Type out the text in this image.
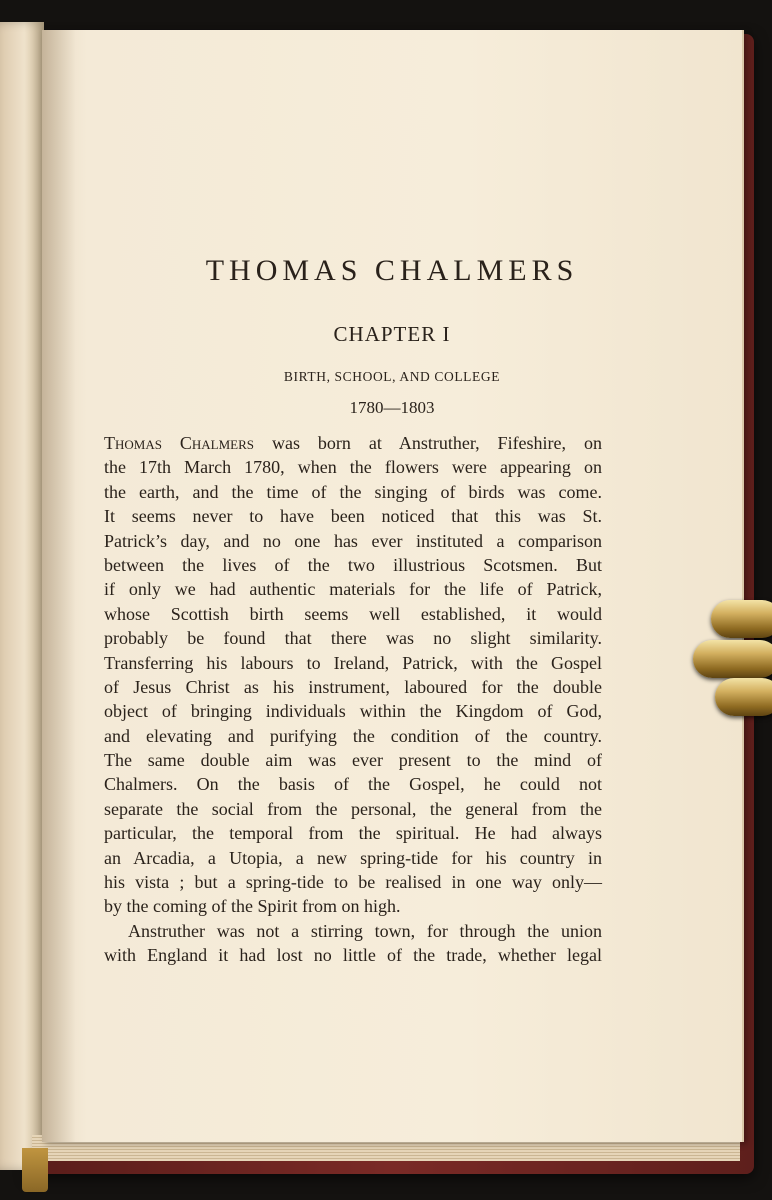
THOMAS CHALMERS
CHAPTER I
BIRTH, SCHOOL, AND COLLEGE
1780—1803
Thomas Chalmers was born at Anstruther, Fifeshire, on
the 17th March 1780, when the flowers were appearing on
the earth, and the time of the singing of birds was come.
It seems never to have been noticed that this was St.
Patrick’s day, and no one has ever instituted a comparison
between the lives of the two illustrious Scotsmen. But
if only we had authentic materials for the life of Patrick,
whose Scottish birth seems well established, it would
probably be found that there was no slight similarity.
Transferring his labours to Ireland, Patrick, with the Gospel
of Jesus Christ as his instrument, laboured for the double
object of bringing individuals within the Kingdom of God,
and elevating and purifying the condition of the country.
The same double aim was ever present to the mind of
Chalmers. On the basis of the Gospel, he could not
separate the social from the personal, the general from the
particular, the temporal from the spiritual. He had always
an Arcadia, a Utopia, a new spring-tide for his country in
his vista ; but a spring-tide to be realised in one way only—
by the coming of the Spirit from on high.
Anstruther was not a stirring town, for through the union
with England it had lost no little of the trade, whether legal
